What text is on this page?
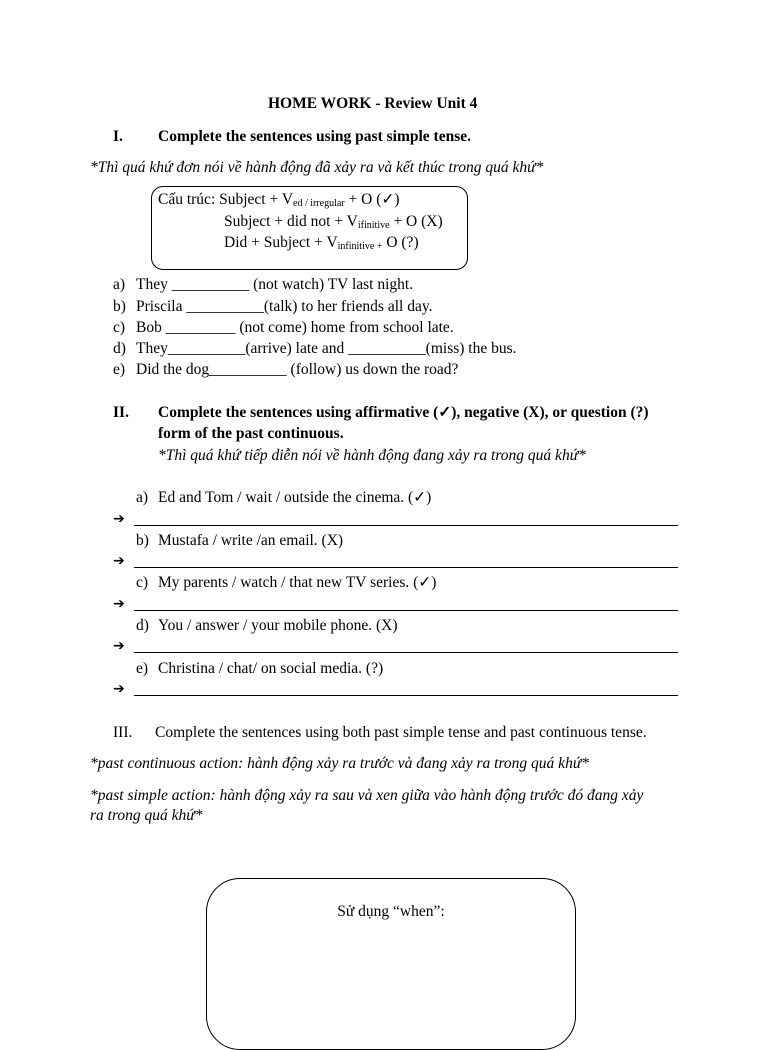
HOME WORK - Review Unit 4
I. Complete the sentences using past simple tense.
*Thì quá khứ đơn nói về hành động đã xảy ra và kết thúc trong quá khứ*
Cấu trúc: Subject + $V_{ed / irregular} + O$ (✓)
Subject + did not + $V_{ifinitive} + O$ (X)
Did + Subject + $V_{infinitive +}$ O (?)
a) They __________ (not watch) TV last night.
b) Priscila __________(talk) to her friends all day.
c) Bob _________ (not come) home from school late.
d) They__________(arrive) late and __________(miss) the bus.
e) Did the dog__________ (follow) us down the road?
II. Complete the sentences using affirmative (✓), negative (X), or question (?)
form of the past continuous.
*Thì quá khứ tiếp diễn nói về hành động đang xảy ra trong quá khứ*
a) Ed and Tom / wait / outside the cinema. (✓)
➔
b) Mustafa / write /an email. (X)
➔
c) My parents / watch / that new TV series. (✓)
➔
d) You / answer / your mobile phone. (X)
➔
e) Christina / chat/ on social media. (?)
➔
III. Complete the sentences using both past simple tense and past continuous tense.
*past continuous action: hành động xảy ra trước và đang xảy ra trong quá khứ*
*past simple action: hành động xảy ra sau và xen giữa vào hành động trước đó đang xảy
ra trong quá khứ*
Sử dụng “when”:
